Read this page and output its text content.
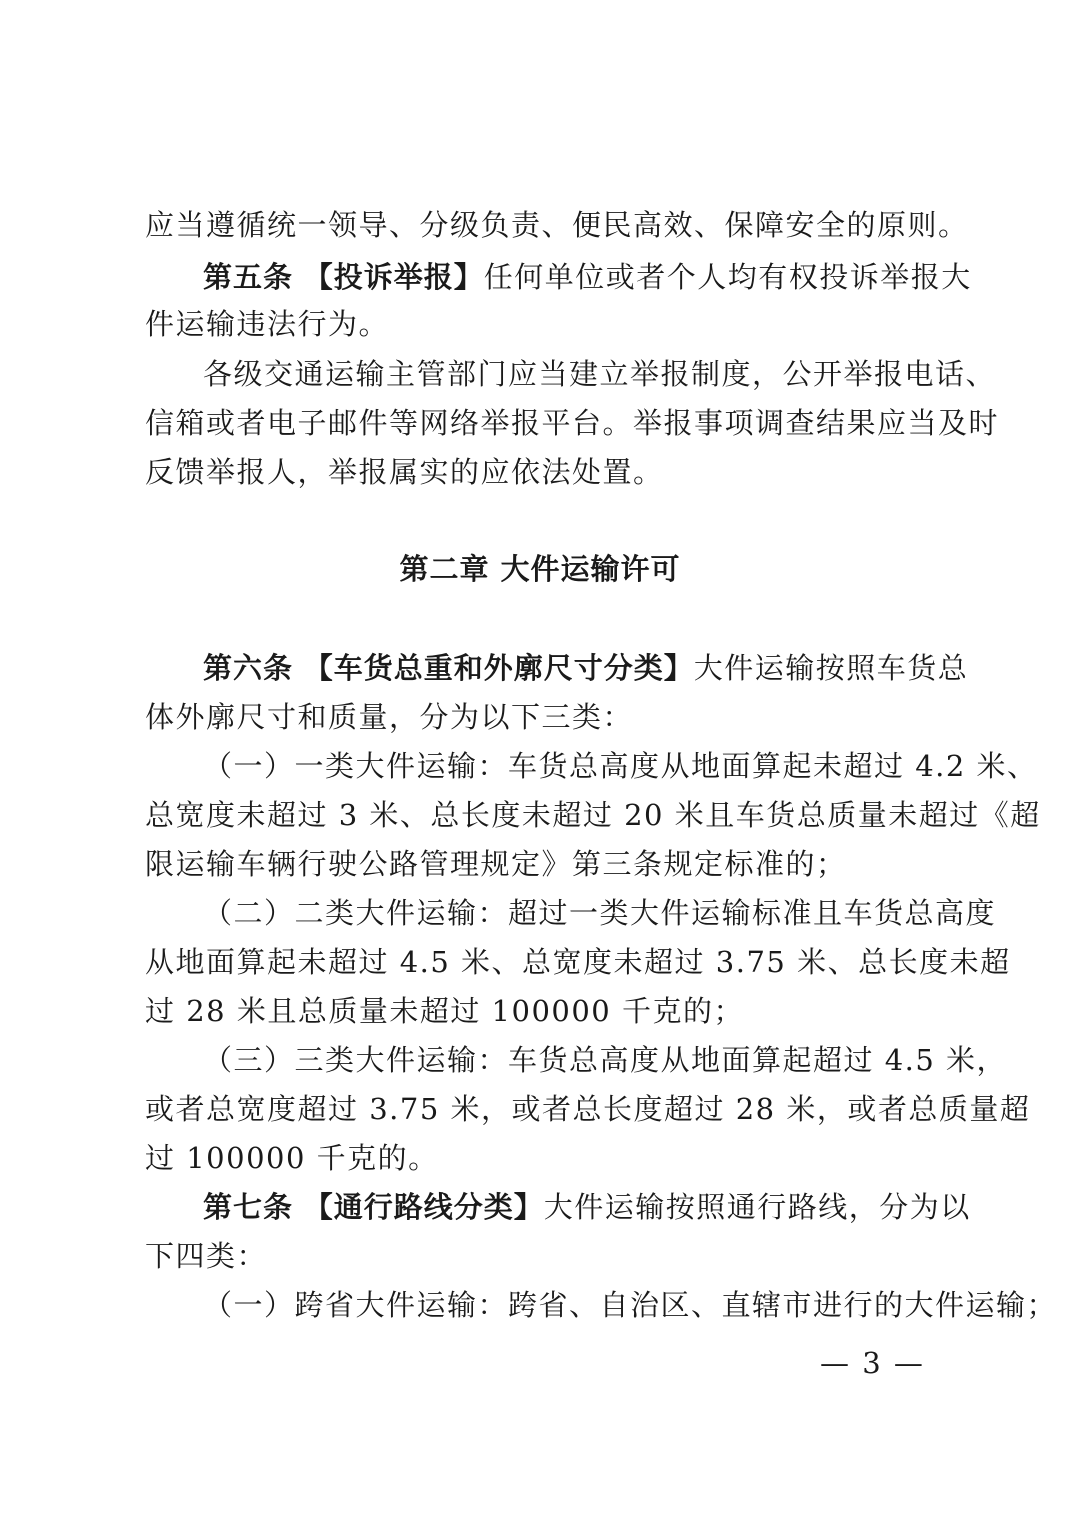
应当遵循统一领导、分级负责、便民高效、保障安全的原则。
第五条 【投诉举报】任何单位或者个人均有权投诉举报大
件运输违法行为。
各级交通运输主管部门应当建立举报制度，公开举报电话、
信箱或者电子邮件等网络举报平台。举报事项调查结果应当及时
反馈举报人，举报属实的应依法处置。
第二章 大件运输许可
第六条 【车货总重和外廓尺寸分类】大件运输按照车货总
体外廓尺寸和质量，分为以下三类：
（一）一类大件运输：车货总高度从地面算起未超过 4.2 米、
总宽度未超过 3 米、总长度未超过 20 米且车货总质量未超过《超
限运输车辆行驶公路管理规定》第三条规定标准的；
（二）二类大件运输：超过一类大件运输标准且车货总高度
从地面算起未超过 4.5 米、总宽度未超过 3.75 米、总长度未超
过 28 米且总质量未超过 100000 千克的；
（三）三类大件运输：车货总高度从地面算起超过 4.5 米，
或者总宽度超过 3.75 米，或者总长度超过 28 米，或者总质量超
过 100000 千克的。
第七条 【通行路线分类】大件运输按照通行路线，分为以
下四类：
（一）跨省大件运输：跨省、自治区、直辖市进行的大件运输；
— 3 —
